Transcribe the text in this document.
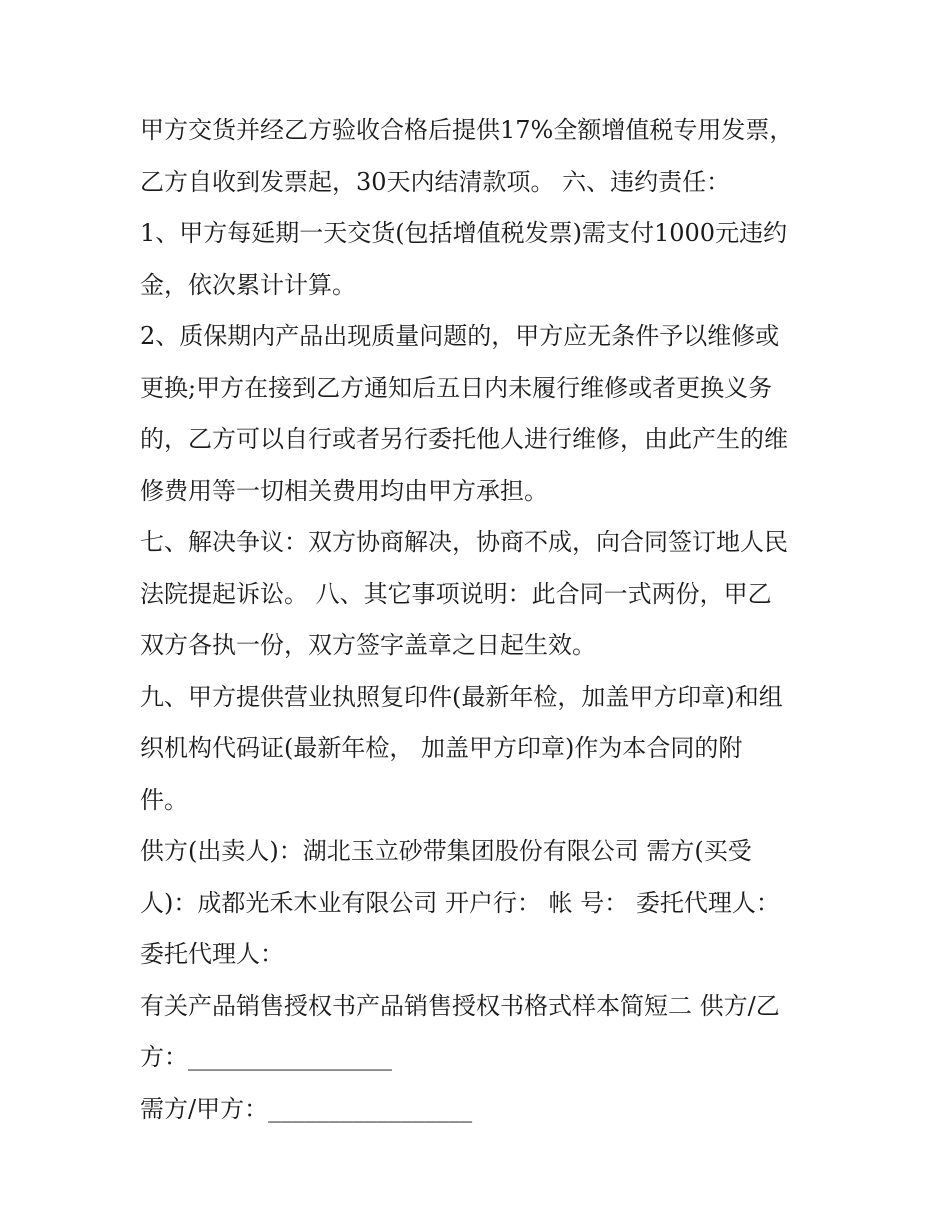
甲方交货并经乙方验收合格后提供17%全额增值税专用发票，
乙方自收到发票起，30天内结清款项。 六、违约责任：
1、甲方每延期一天交货(包括增值税发票)需支付1000元违约
金，依次累计计算。
2、质保期内产品出现质量问题的，甲方应无条件予以维修或
更换;甲方在接到乙方通知后五日内未履行维修或者更换义务
的，乙方可以自行或者另行委托他人进行维修，由此产生的维
修费用等一切相关费用均由甲方承担。
七、解决争议：双方协商解决，协商不成，向合同签订地人民
法院提起诉讼。 八、其它事项说明：此合同一式两份，甲乙
双方各执一份，双方签字盖章之日起生效。
九、甲方提供营业执照复印件(最新年检，加盖甲方印章)和组
织机构代码证(最新年检， 加盖甲方印章)作为本合同的附
件。
供方(出卖人)：湖北玉立砂带集团股份有限公司 需方(买受
人)：成都光禾木业有限公司 开户行： 帐 号： 委托代理人：
委托代理人：
有关产品销售授权书产品销售授权书格式样本简短二 供方/乙
方：_________________
需方/甲方：_________________
